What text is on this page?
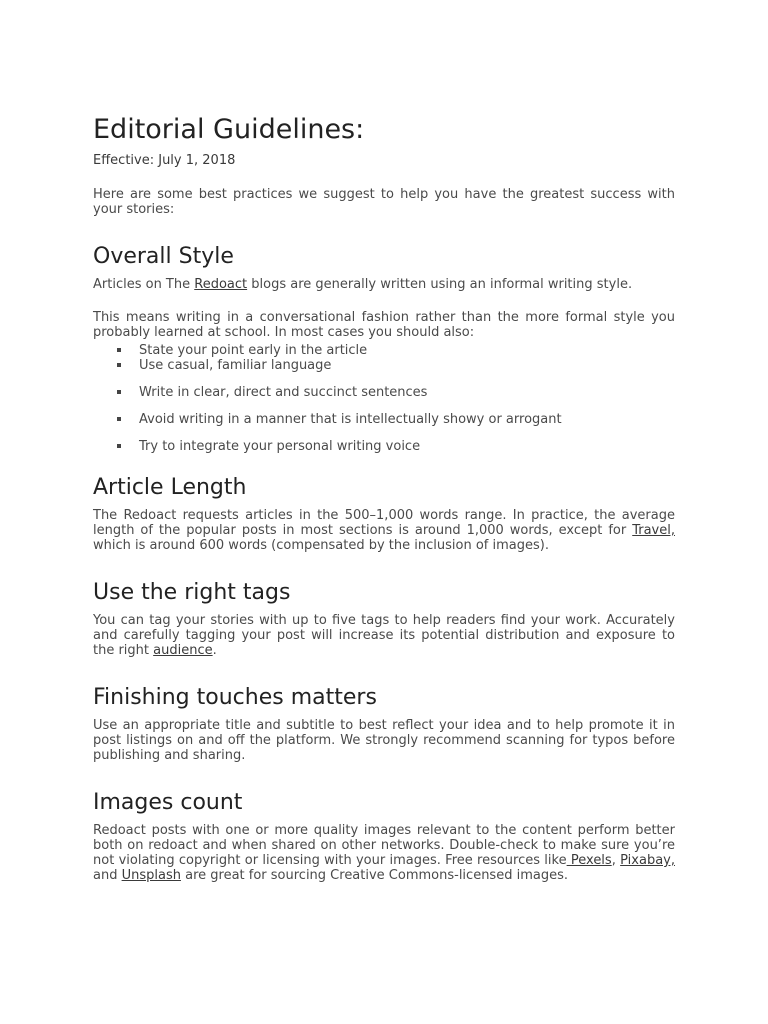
Editorial Guidelines:

Effective: July 1, 2018

Here are some best practices we suggest to help you have the greatest success with your stories:

Overall Style

Articles on The Redoact blogs are generally written using an informal writing style.

This means writing in a conversational fashion rather than the more formal style you probably learned at school. In most cases you should also:

State your point early in the article
Use casual, familiar language
Write in clear, direct and succinct sentences
Avoid writing in a manner that is intellectually showy or arrogant
Try to integrate your personal writing voice
Article Length

The Redoact requests articles in the 500–1,000 words range. In practice, the average length of the popular posts in most sections is around 1,000 words, except for Travel, which is around 600 words (compensated by the inclusion of images).

Use the right tags

You can tag your stories with up to five tags to help readers find your work. Accurately and carefully tagging your post will increase its potential distribution and exposure to the right audience.

Finishing touches matters

Use an appropriate title and subtitle to best reflect your idea and to help promote it in post listings on and off the platform. We strongly recommend scanning for typos before publishing and sharing.

Images count

Redoact posts with one or more quality images relevant to the content perform better both on redoact and when shared on other networks. Double-check to make sure you’re not violating copyright or licensing with your images. Free resources like Pexels, Pixabay, and Unsplash are great for sourcing Creative Commons-licensed images.
